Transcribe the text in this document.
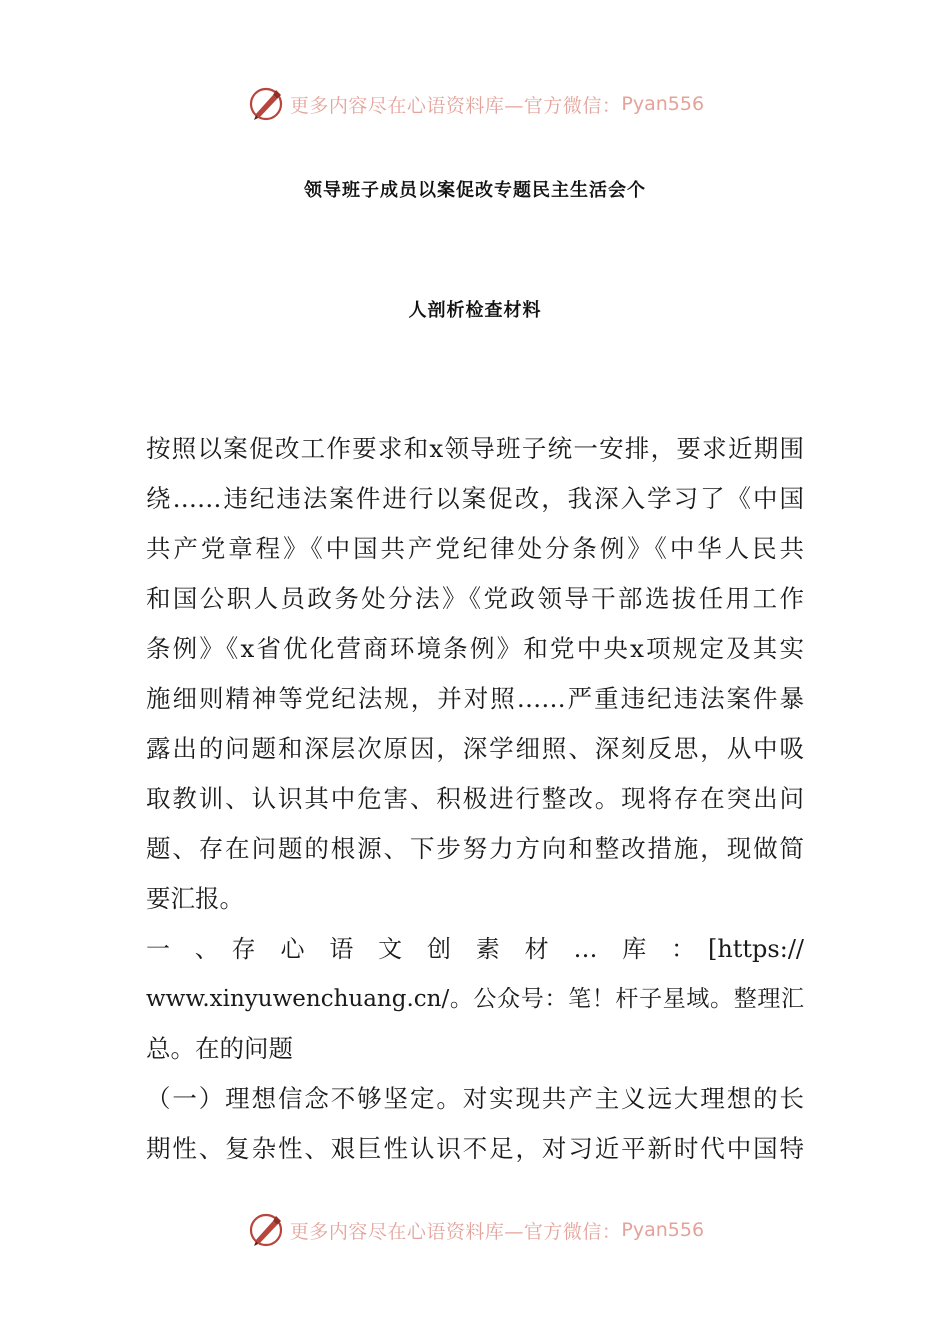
更多内容尽在心语资料库—官方微信： Pyan556
领导班子成员以案促改专题民主生活会个
人剖析检查材料
按照以案促改工作要求和x领导班子统一安排，要求近期围
绕……违纪违法案件进行以案促改，我深入学习了《中国
共产党章程》《中国共产党纪律处分条例》《中华人民共
和国公职人员政务处分法》《党政领导干部选拔任用工作
条例》《x省优化营商环境条例》和党中央x项规定及其实
施细则精神等党纪法规，并对照……严重违纪违法案件暴
露出的问题和深层次原因，深学细照、深刻反思，从中吸
取教训、认识其中危害、积极进行整改。现将存在突出问
题、存在问题的根源、下步努力方向和整改措施，现做简
要汇报。
一　、　存　心　语　文　创　素　材　…　库　：　[https://
www.xinyuwenchuang.cn/。公众号：笔！杆子星域。整理汇
总。在的问题
（一）理想信念不够坚定。对实现共产主义远大理想的长
期性、复杂性、艰巨性认识不足，对习近平新时代中国特
更多内容尽在心语资料库—官方微信： Pyan556
